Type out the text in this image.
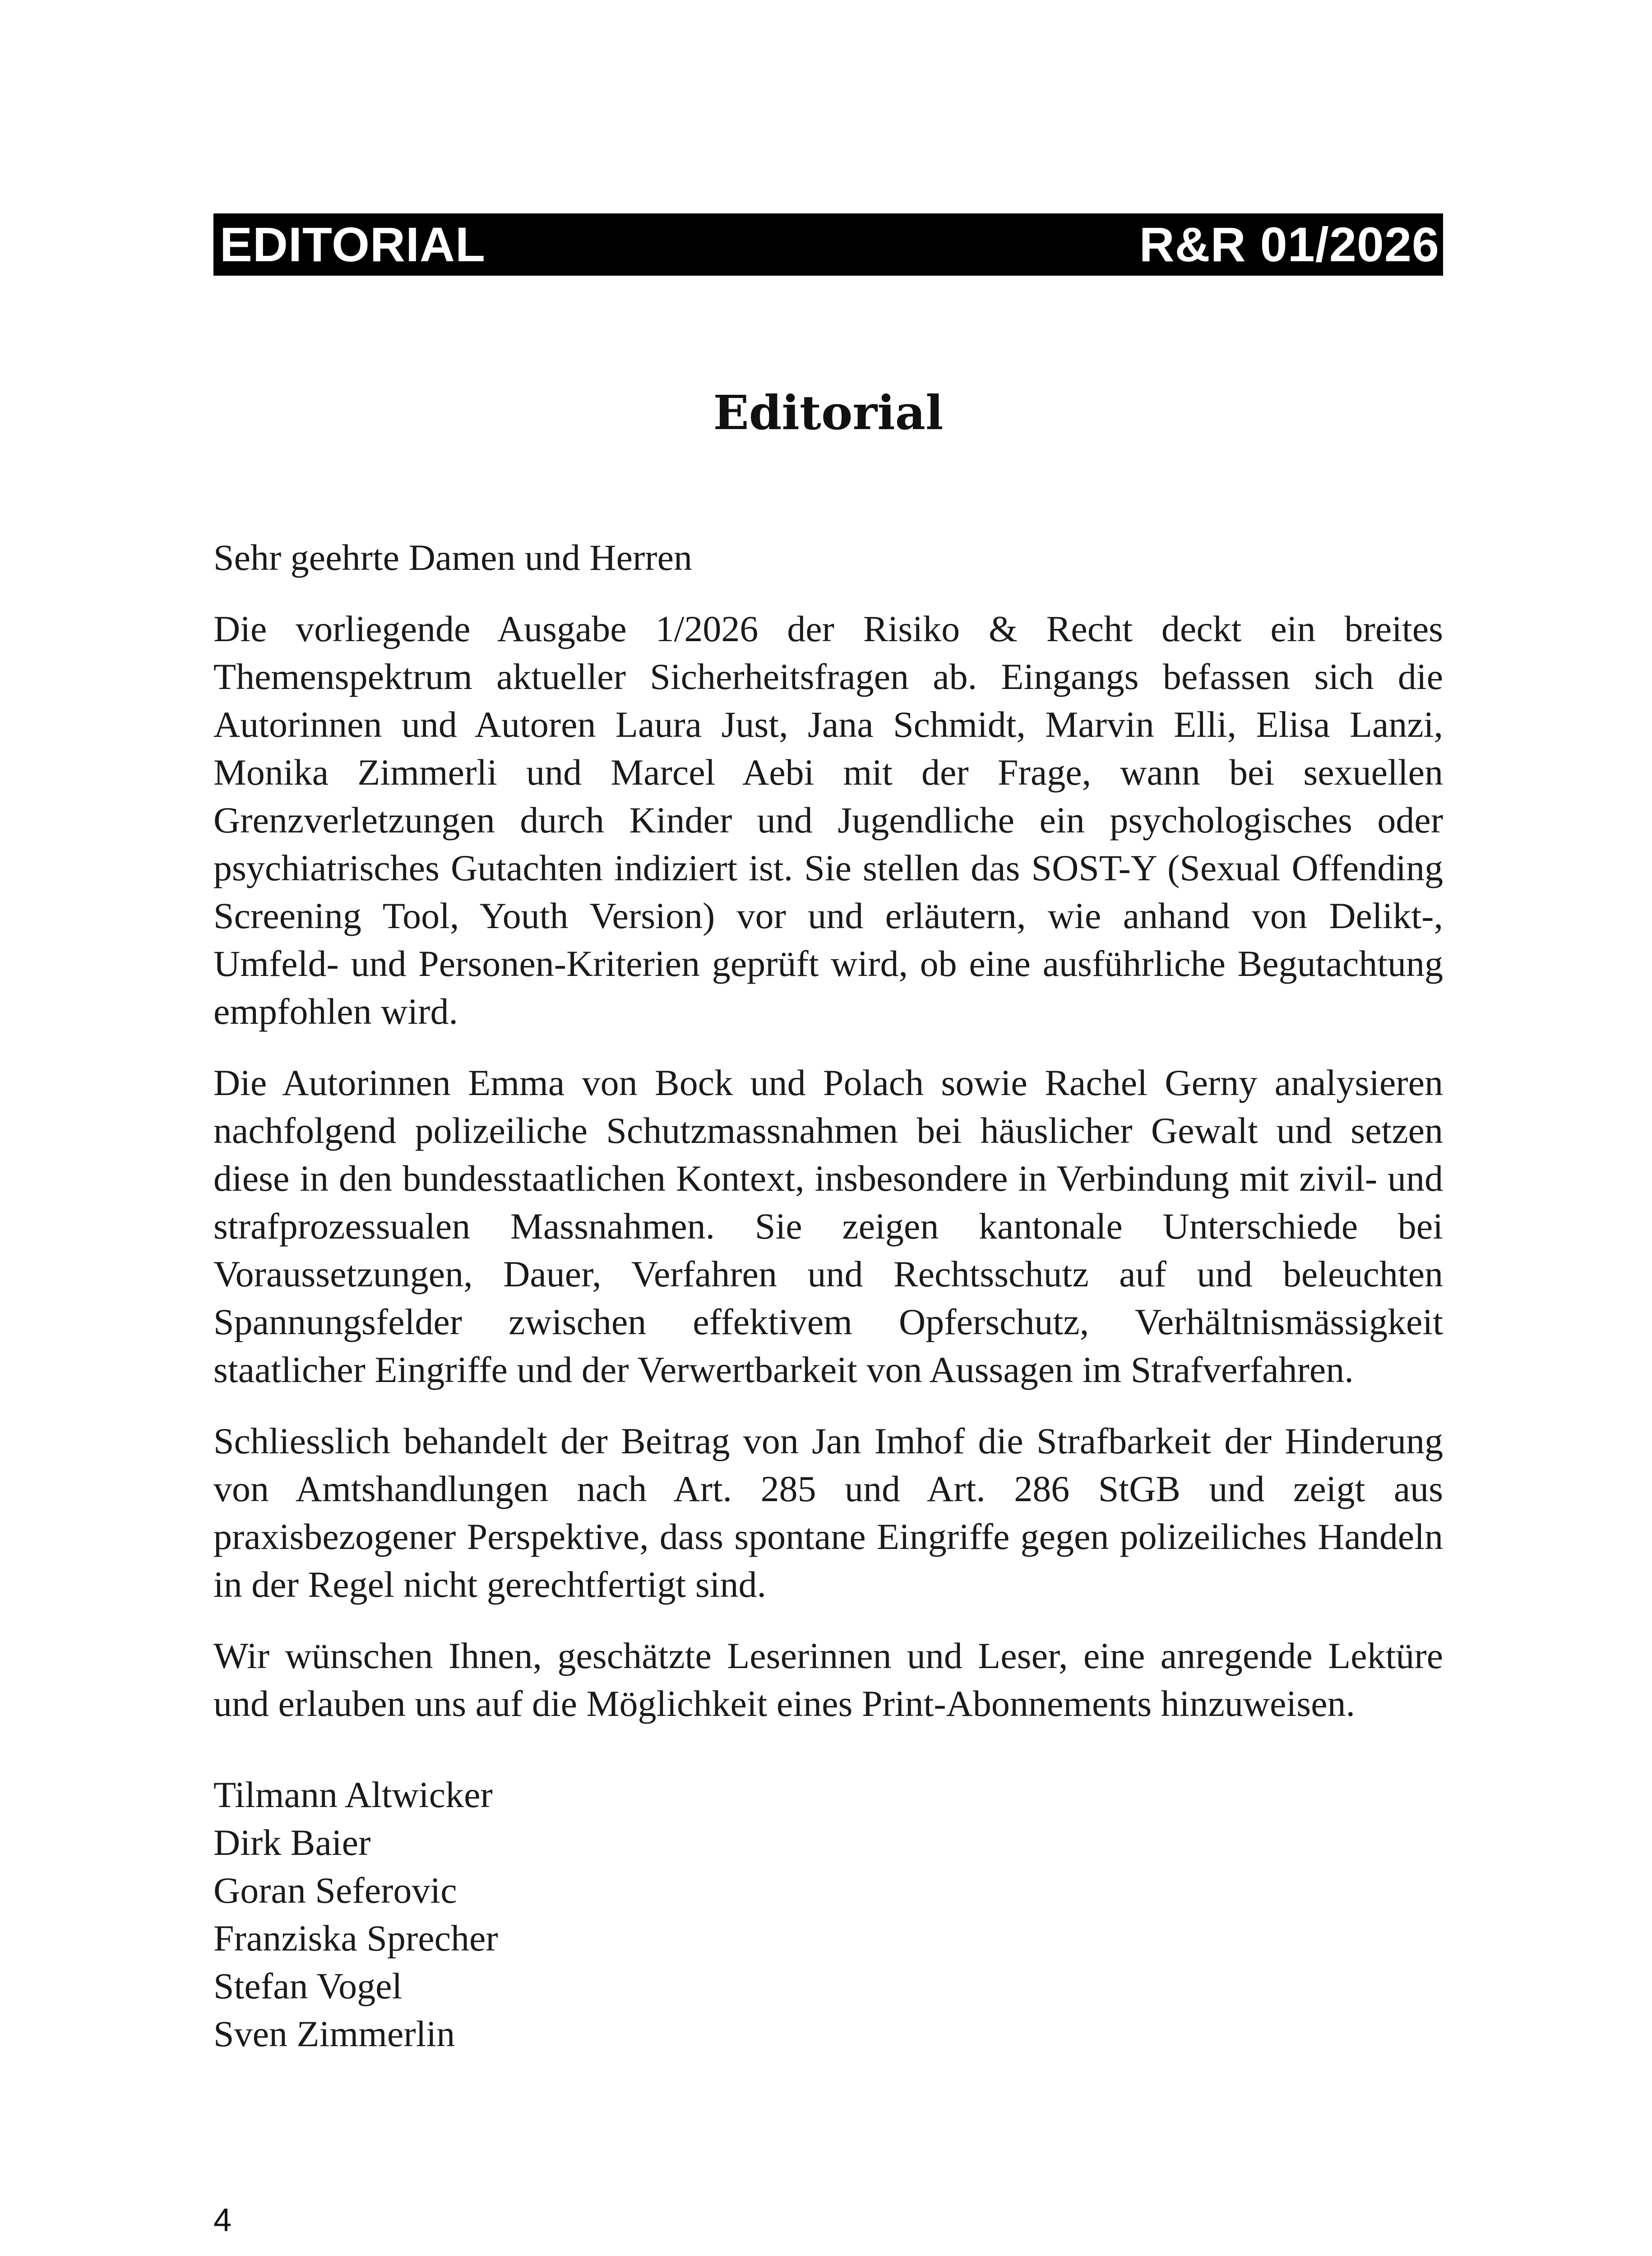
EDITORIAL	R&R 01/2026
Editorial

Sehr geehrte Damen und Herren

Die vorliegende Ausgabe 1/2026 der Risiko & Recht deckt ein breites Themenspektrum aktueller Sicherheitsfragen ab. Eingangs befassen sich die Autorinnen und Autoren Laura Just, Jana Schmidt, Marvin Elli, Elisa Lanzi, Monika Zimmerli und Marcel Aebi mit der Frage, wann bei sexuellen Grenzverletzungen durch Kinder und Jugendliche ein psychologisches oder psychiatrisches Gutachten indiziert ist. Sie stellen das SOST-Y (Sexual Offending Screening Tool, Youth Version) vor und erläutern, wie anhand von Delikt-, Umfeld- und Personen-Kriterien geprüft wird, ob eine ausführliche Begutachtung empfohlen wird.

Die Autorinnen Emma von Bock und Polach sowie Rachel Gerny analysieren nachfolgend polizeiliche Schutzmassnahmen bei häuslicher Gewalt und setzen diese in den bundesstaatlichen Kontext, insbesondere in Verbindung mit zivil- und strafprozessualen Massnahmen. Sie zeigen kantonale Unterschiede bei Voraussetzungen, Dauer, Verfahren und Rechtsschutz auf und beleuchten Spannungsfelder zwischen effektivem Opferschutz, Verhältnismässigkeit staatlicher Eingriffe und der Verwertbarkeit von Aussagen im Strafverfahren.

Schliesslich behandelt der Beitrag von Jan Imhof die Strafbarkeit der Hinderung von Amtshandlungen nach Art. 285 und Art. 286 StGB und zeigt aus praxisbezogener Perspektive, dass spontane Eingriffe gegen polizeiliches Handeln in der Regel nicht gerechtfertigt sind.

Wir wünschen Ihnen, geschätzte Leserinnen und Leser, eine anregende Lektüre und erlauben uns auf die Möglichkeit eines Print-Abonnements hinzuweisen.

Tilmann Altwicker
Dirk Baier
Goran Seferovic
Franziska Sprecher
Stefan Vogel
Sven Zimmerlin
4
